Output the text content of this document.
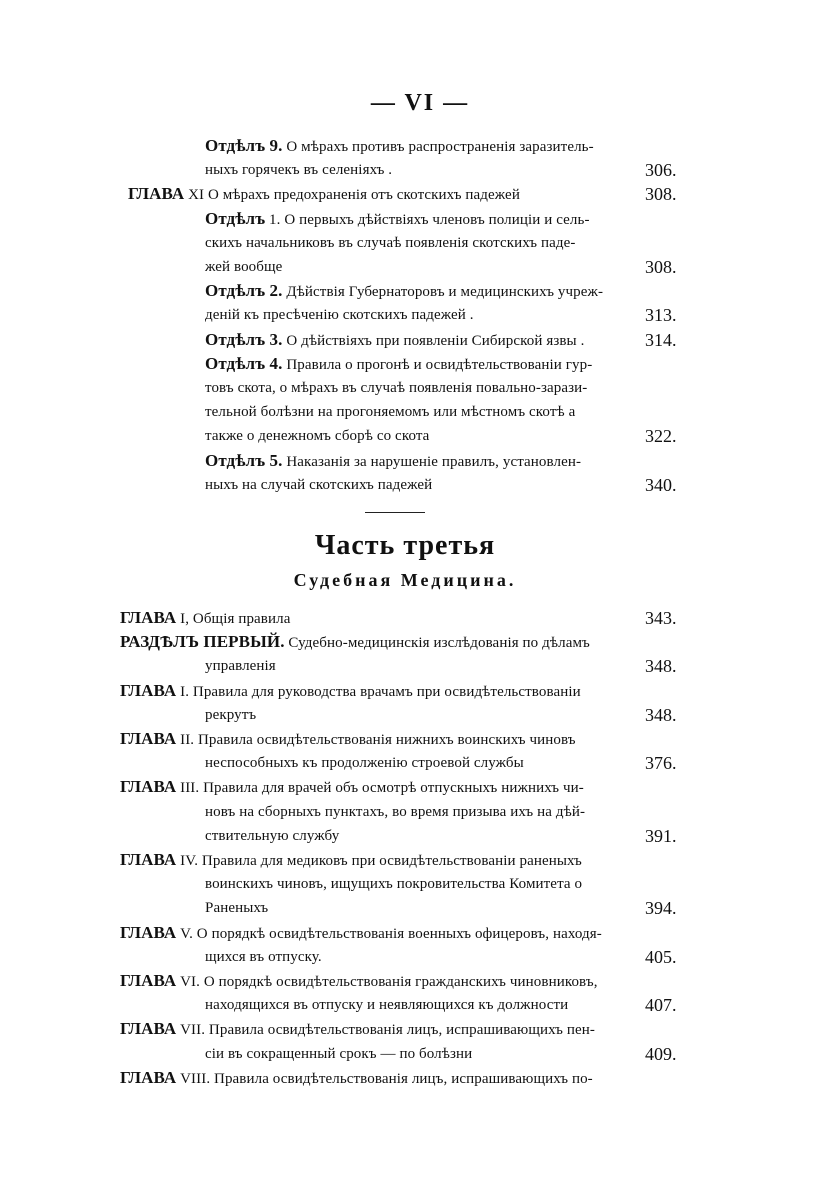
— VI —
Отдѣлъ 9. О мѣрахъ противъ распространенія заразитель-
ныхъ горячекъ въ селеніяхъ .	306.
ГЛАВА XI О мѣрахъ предохраненія отъ скотскихъ падежей	308.
Отдѣлъ 1. О первыхъ дѣйствіяхъ членовъ полиціи и сель-
скихъ начальниковъ въ случаѣ появленія скотскихъ паде-
жей вообще	308.
Отдѣлъ 2. Дѣйствія Губернаторовъ и медицинскихъ учреж-
деній къ пресѣченію скотскихъ падежей .	313.
Отдѣлъ 3. О дѣйствіяхъ при появленіи Сибирской язвы .	314.
Отдѣлъ 4. Правила о прогонѣ и освидѣтельствованіи гур-
товъ скота, о мѣрахъ въ случаѣ появленія повально-зарази-
тельной болѣзни на прогоняемомъ или мѣстномъ скотѣ а
также о денежномъ сборѣ со скота	322.
Отдѣлъ 5. Наказанія за нарушеніе правилъ, установлен-
ныхъ на случай скотскихъ падежей	340.
Часть третья
Судебная Медицина.
ГЛАВА I, Общія правила	343.
РАЗДѢЛЪ ПЕРВЫЙ. Судебно-медицинскія изслѣдованія по дѣламъ
управленія	348.
ГЛАВА I. Правила для руководства врачамъ при освидѣтельствованіи
рекрутъ	348.
ГЛАВА II. Правила освидѣтельствованія нижнихъ воинскихъ чиновъ
неспособныхъ къ продолженію строевой службы	376.
ГЛАВА III. Правила для врачей объ осмотрѣ отпускныхъ нижнихъ чи-
новъ на сборныхъ пунктахъ, во время призыва ихъ на дѣй-
ствительную службу	391.
ГЛАВА IV. Правила для медиковъ при освидѣтельствованіи раненыхъ
воинскихъ чиновъ, ищущихъ покровительства Комитета о
Раненыхъ	394.
ГЛАВА V. О порядкѣ освидѣтельствованія военныхъ офицеровъ, находя-
щихся въ отпуску.	405.
ГЛАВА VI. О порядкѣ освидѣтельствованія гражданскихъ чиновниковъ,
находящихся въ отпуску и неявляющихся къ должности	407.
ГЛАВА VII. Правила освидѣтельствованія лицъ, испрашивающихъ пен-
сіи въ сокращенный срокъ — по болѣзни	409.
ГЛАВА VIII. Правила освидѣтельствованія лицъ, испрашивающихъ по-
